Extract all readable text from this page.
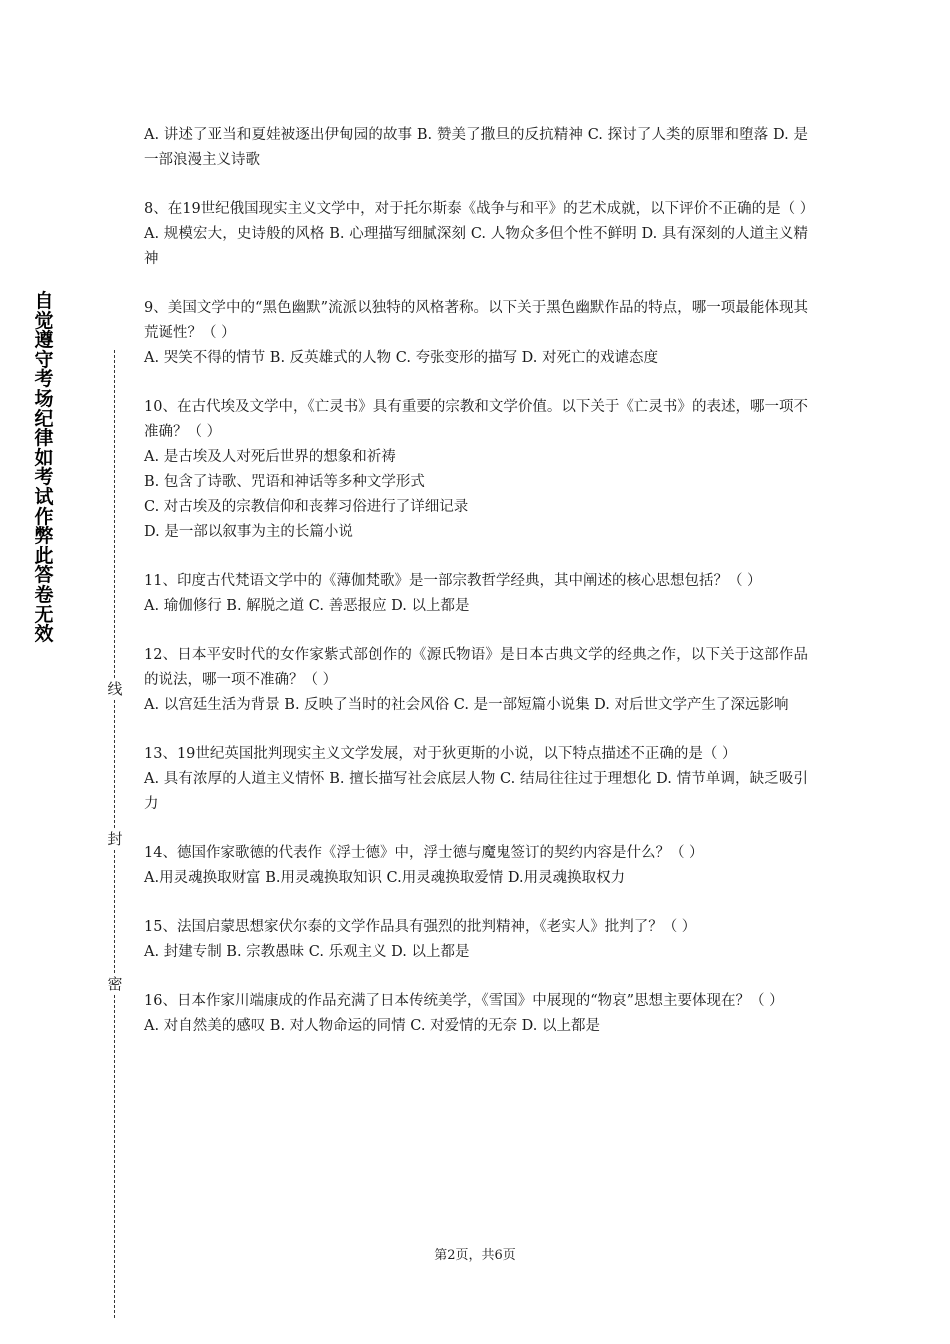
自觉遵守考场纪律如考试作弊此答卷无效
线
封
密

A. 讲述了亚当和夏娃被逐出伊甸园的故事 B. 赞美了撒旦的反抗精神 C. 探讨了人类的原罪和堕落 D. 是一部浪漫主义诗歌

8、在19世纪俄国现实主义文学中，对于托尔斯泰《战争与和平》的艺术成就，以下评价不正确的是（ ）

A. 规模宏大，史诗般的风格 B. 心理描写细腻深刻 C. 人物众多但个性不鲜明 D. 具有深刻的人道主义精神

9、美国文学中的“黑色幽默”流派以独特的风格著称。以下关于黑色幽默作品的特点，哪一项最能体现其荒诞性？（ ）

A. 哭笑不得的情节 B. 反英雄式的人物 C. 夸张变形的描写 D. 对死亡的戏谑态度

10、在古代埃及文学中，《亡灵书》具有重要的宗教和文学价值。以下关于《亡灵书》的表述，哪一项不准确？（ ）

A. 是古埃及人对死后世界的想象和祈祷

B. 包含了诗歌、咒语和神话等多种文学形式

C. 对古埃及的宗教信仰和丧葬习俗进行了详细记录

D. 是一部以叙事为主的长篇小说

11、印度古代梵语文学中的《薄伽梵歌》是一部宗教哲学经典，其中阐述的核心思想包括？（ ）

A. 瑜伽修行 B. 解脱之道 C. 善恶报应 D. 以上都是

12、日本平安时代的女作家紫式部创作的《源氏物语》是日本古典文学的经典之作，以下关于这部作品的说法，哪一项不准确？（ ）

A. 以宫廷生活为背景 B. 反映了当时的社会风俗 C. 是一部短篇小说集 D. 对后世文学产生了深远影响

13、19世纪英国批判现实主义文学发展，对于狄更斯的小说，以下特点描述不正确的是（ ）

A. 具有浓厚的人道主义情怀 B. 擅长描写社会底层人物 C. 结局往往过于理想化 D. 情节单调，缺乏吸引力

14、德国作家歌德的代表作《浮士德》中，浮士德与魔鬼签订的契约内容是什么？（ ）

A.用灵魂换取财富 B.用灵魂换取知识 C.用灵魂换取爱情 D.用灵魂换取权力

15、法国启蒙思想家伏尔泰的文学作品具有强烈的批判精神，《老实人》批判了？（ ）

A. 封建专制 B. 宗教愚昧 C. 乐观主义 D. 以上都是

16、日本作家川端康成的作品充满了日本传统美学，《雪国》中展现的“物哀”思想主要体现在？（ ）

A. 对自然美的感叹 B. 对人物命运的同情 C. 对爱情的无奈 D. 以上都是

第2页，共6页
